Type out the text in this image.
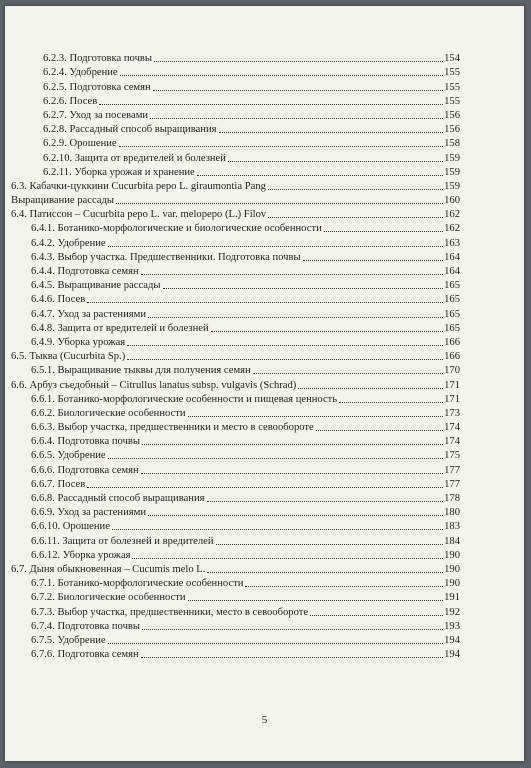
6.2.3. Подготовка почвы	154
6.2.4. Удобрение	155
6.2.5. Подготовка семян	155
6.2.6. Посев	155
6.2.7. Уход за посевами	156
6.2.8. Рассадный способ выращивания	156
6.2.9. Орошение	158
6.2.10. Защита от вредителей и болезней	159
6.2.11. Уборка урожая и хранение	159
6.3. Кабачки-цуккини Cucurbita pepo L. giraumontia Pang	159
Выращивание рассады	160
6.4. Патиссон – Cucurbita pepo L. var. melopepo (L.) Filov	162
6.4.1. Ботанико-морфологические и биологические особенности	162
6.4.2. Удобрение	163
6.4.3. Выбор участка. Предшественники. Подготовка почвы	164
6.4.4. Подготовка семян	164
6.4.5. Выращивание рассады	165
6.4.6. Посев	165
6.4.7. Уход за растениями	165
6.4.8. Защита от вредителей и болезней	165
6.4.9. Уборка урожая	166
6.5. Тыква (Cucurbita Sp.)	166
6.5.1. Выращивание тыквы для получения семян	170
6.6. Арбуз съедобный – Citrullus lanatus subsp. vulgavis (Schrad)	171
6.6.1. Ботанико-морфологические особенности и пищевая ценность	171
6.6.2. Биологические особенности	173
6.6.3. Выбор участка, предшественники и место в севообороте	174
6.6.4. Подготовка почвы	174
6.6.5. Удобрение	175
6.6.6. Подготовка семян	177
6.6.7. Посев	177
6.6.8. Рассадный способ выращивания	178
6.6.9. Уход за растениями	180
6.6.10. Орошение	183
6.6.11. Защита от болезней и вредителей	184
6.6.12. Уборка урожая	190
6.7. Дыня обыкновенная – Cucumis melo L.	190
6.7.1. Ботанико-морфологические особенности	190
6.7.2. Биологические особенности	191
6.7.3. Выбор участка, предшественники, место в севообороте	192
6.7.4. Подготовка почвы	193
6.7.5. Удобрение	194
6.7.6. Подготовка семян	194
5
